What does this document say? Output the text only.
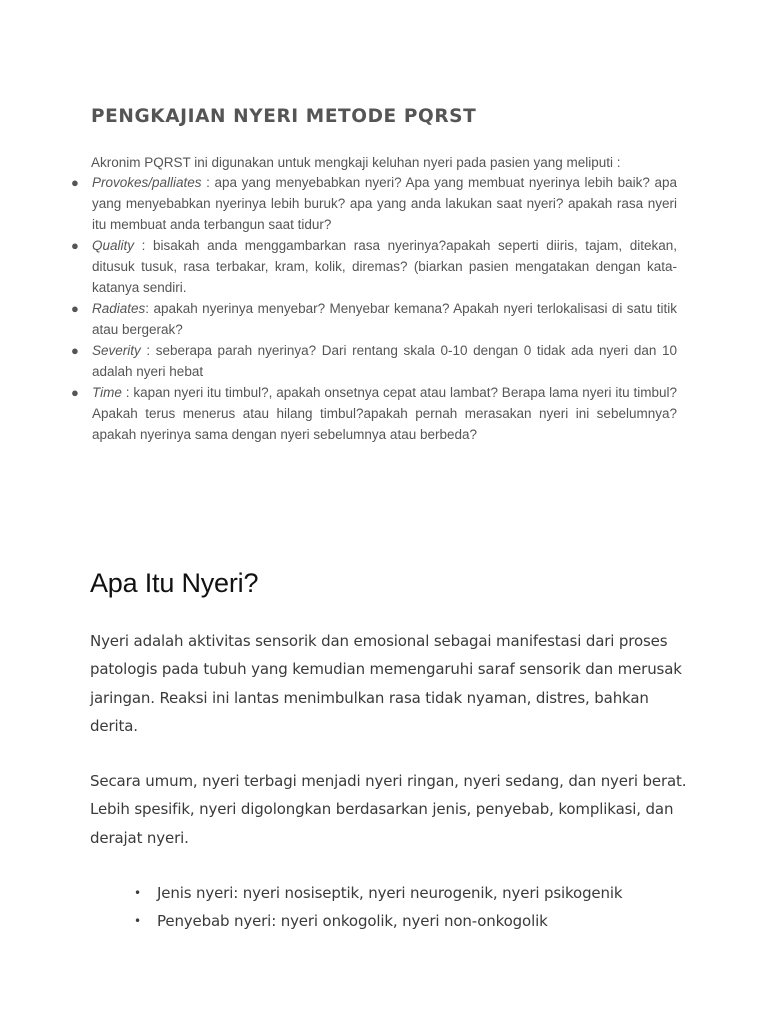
PENGKAJIAN NYERI METODE PQRST

Akronim PQRST ini digunakan untuk mengkaji keluhan nyeri pada pasien yang meliputi :

● Provokes/palliates : apa yang menyebabkan nyeri? Apa yang membuat nyerinya lebih baik? apa yang menyebabkan nyerinya lebih buruk? apa yang anda lakukan saat nyeri? apakah rasa nyeri itu membuat anda terbangun saat tidur?
● Quality : bisakah anda menggambarkan rasa nyerinya?apakah seperti diiris, tajam, ditekan, ditusuk tusuk, rasa terbakar, kram, kolik, diremas? (biarkan pasien mengatakan dengan kata-katanya sendiri.
● Radiates: apakah nyerinya menyebar? Menyebar kemana? Apakah nyeri terlokalisasi di satu titik atau bergerak?
● Severity : seberapa parah nyerinya? Dari rentang skala 0-10 dengan 0 tidak ada nyeri dan 10 adalah nyeri hebat
● Time : kapan nyeri itu timbul?, apakah onsetnya cepat atau lambat? Berapa lama nyeri itu timbul? Apakah terus menerus atau hilang timbul?apakah pernah merasakan nyeri ini sebelumnya?apakah nyerinya sama dengan nyeri sebelumnya atau berbeda?
Apa Itu Nyeri?

Nyeri adalah aktivitas sensorik dan emosional sebagai manifestasi dari proses patologis pada tubuh yang kemudian memengaruhi saraf sensorik dan merusak jaringan. Reaksi ini lantas menimbulkan rasa tidak nyaman, distres, bahkan derita.

Secara umum, nyeri terbagi menjadi nyeri ringan, nyeri sedang, dan nyeri berat. Lebih spesifik, nyeri digolongkan berdasarkan jenis, penyebab, komplikasi, dan derajat nyeri.

• Jenis nyeri: nyeri nosiseptik, nyeri neurogenik, nyeri psikogenik
• Penyebab nyeri: nyeri onkogolik, nyeri non-onkogolik
